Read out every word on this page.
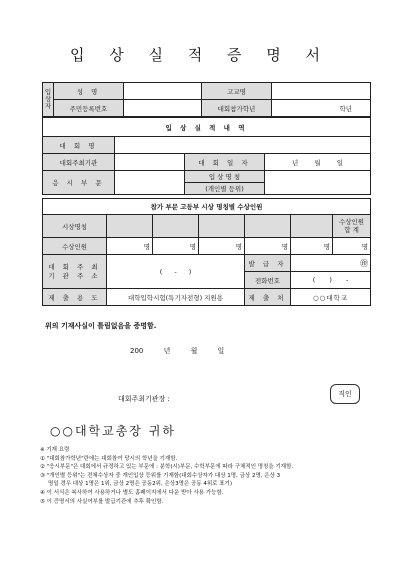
입 상 실 적 증 명 서
입상자	성 명		고교명	
	주민등록번호		대회참가학년	학년
입 상 실 적 내 역			
대 회 명			
대회주최기관		대 회 일 자	년 월 일
응 시 부 문		입 상 명 칭	
		(개인별 등위)	
참가 부문 고등부 시상 명칭별 수상인원						
시상명칭						수상인원 합 계
수상인원	명	명	명	명	명	명
대 회 주 최 기 관 주 소	( - )			발 급 자	㊞	
				전화번호	( ) -	
제 출 용 도	대학입학시험(특기자전형) 지원용			제 출 처	○○대학교	
위의 기재사실이 틀림없음을 증명함.
200 년 월 일
대회주최기관장 :
직인
○○대학교총장 귀하
※ 기재 요령
① "대회참가학년"란에는 대회참여 당시의 학년을 기재함.
② "응시부문"은 대회에서 규정하고 있는 부문에 : 분학(시)부문, 수학부문에 따라 구체적인 명칭을 기재함.
③ "개인별 등위"는 전체수상자 중 개인입상 등위를 기재함(대회수상자가 대상 1명, 금상 2명, 은상 3
명일 경우 대상 1명은 1위, 금상 2명은 공동2위, 은상3명은 공동 4위로 표기)
④ 이 서식은 복사하여 사용하거나 별도 홈페이지에서 다운 받아 사용 가능함.
⑤ 이 증명서의 사실여부를 발급기관에 추후 확인함.
